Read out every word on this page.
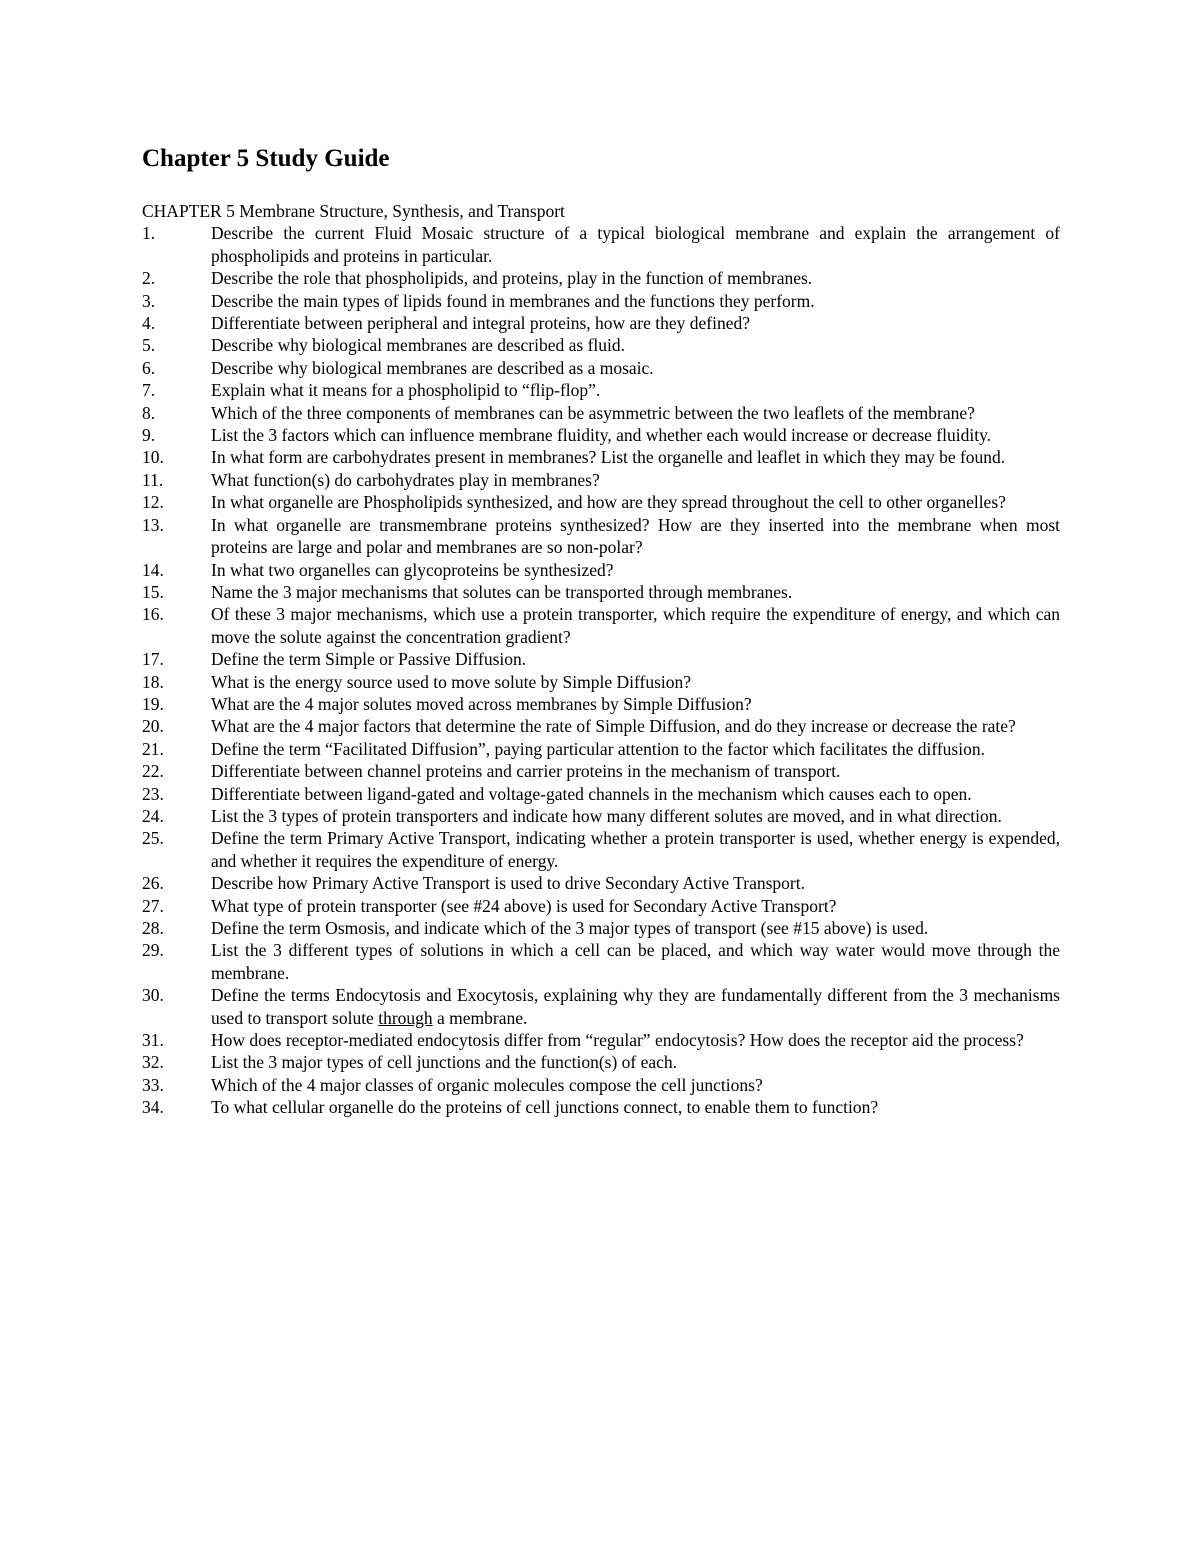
Chapter 5 Study Guide

CHAPTER 5 Membrane Structure, Synthesis, and Transport

1.	Describe the current Fluid Mosaic structure of a typical biological membrane and explain the arrangement of phospholipids and proteins in particular.
2.	Describe the role that phospholipids, and proteins, play in the function of membranes.
3.	Describe the main types of lipids found in membranes and the functions they perform.
4.	Differentiate between peripheral and integral proteins, how are they defined?
5.	Describe why biological membranes are described as fluid.
6.	Describe why biological membranes are described as a mosaic.
7.	Explain what it means for a phospholipid to “flip-flop”.
8.	Which of the three components of membranes can be asymmetric between the two leaflets of the membrane?
9.	List the 3 factors which can influence membrane fluidity, and whether each would increase or decrease fluidity.
10.	In what form are carbohydrates present in membranes? List the organelle and leaflet in which they may be found.
11.	What function(s) do carbohydrates play in membranes?
12.	In what organelle are Phospholipids synthesized, and how are they spread throughout the cell to other organelles?
13.	In what organelle are transmembrane proteins synthesized? How are they inserted into the membrane when most proteins are large and polar and membranes are so non-polar?
14.	In what two organelles can glycoproteins be synthesized?
15.	Name the 3 major mechanisms that solutes can be transported through membranes.
16.	Of these 3 major mechanisms, which use a protein transporter, which require the expenditure of energy, and which can move the solute against the concentration gradient?
17.	Define the term Simple or Passive Diffusion.
18.	What is the energy source used to move solute by Simple Diffusion?
19.	What are the 4 major solutes moved across membranes by Simple Diffusion?
20.	What are the 4 major factors that determine the rate of Simple Diffusion, and do they increase or decrease the rate?
21.	Define the term “Facilitated Diffusion”, paying particular attention to the factor which facilitates the diffusion.
22.	Differentiate between channel proteins and carrier proteins in the mechanism of transport.
23.	Differentiate between ligand-gated and voltage-gated channels in the mechanism which causes each to open.
24.	List the 3 types of protein transporters and indicate how many different solutes are moved, and in what direction.
25.	Define the term Primary Active Transport, indicating whether a protein transporter is used, whether energy is expended, and whether it requires the expenditure of energy.
26.	Describe how Primary Active Transport is used to drive Secondary Active Transport.
27.	What type of protein transporter (see #24 above) is used for Secondary Active Transport?
28.	Define the term Osmosis, and indicate which of the 3 major types of transport (see #15 above) is used.
29.	List the 3 different types of solutions in which a cell can be placed, and which way water would move through the membrane.
30.	Define the terms Endocytosis and Exocytosis, explaining why they are fundamentally different from the 3 mechanisms used to transport solute through a membrane.
31.	How does receptor-mediated endocytosis differ from “regular” endocytosis? How does the receptor aid the process?
32.	List the 3 major types of cell junctions and the function(s) of each.
33.	Which of the 4 major classes of organic molecules compose the cell junctions?
34.	To what cellular organelle do the proteins of cell junctions connect, to enable them to function?
